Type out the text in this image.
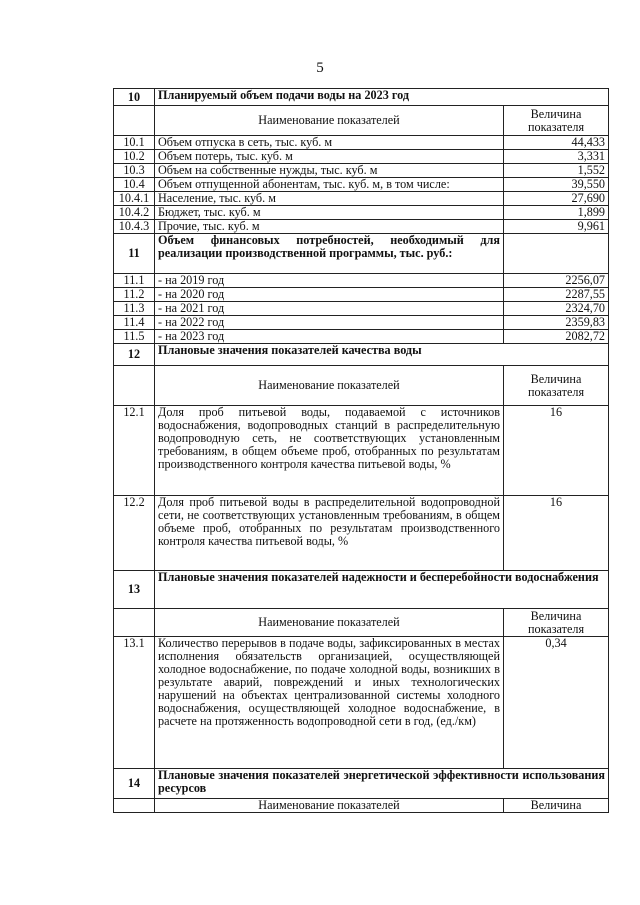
5
10	Планируемый объем подачи воды на 2023 год	
	Наименование показателей	Величина
показателя
10.1	Объем отпуска в сеть, тыс. куб. м	44,433
10.2	Объем потерь, тыс. куб. м	3,331
10.3	Объем на собственные нужды, тыс. куб. м	1,552
10.4	Объем отпущенной абонентам, тыс. куб. м, в том числе:	39,550
10.4.1	Население, тыс. куб. м	27,690
10.4.2	Бюджет, тыс. куб. м	1,899
10.4.3	Прочие, тыс. куб. м	9,961
11	Объем финансовых потребностей, необходимый для реализации производственной программы, тыс. руб.:	
11.1	- на 2019 год	2256,07
11.2	- на 2020 год	2287,55
11.3	- на 2021 год	2324,70
11.4	- на 2022 год	2359,83
11.5	- на 2023 год	2082,72
12	Плановые значения показателей качества воды	
	Наименование показателей	Величина
показателя
12.1	Доля проб питьевой воды, подаваемой с источников водоснабжения, водопроводных станций в распределительную водопроводную сеть, не соответствующих установленным требованиям, в общем объеме проб, отобранных по результатам производственного контроля качества питьевой воды, %	16
12.2	Доля проб питьевой воды в распределительной водопроводной сети, не соответствующих установленным требованиям, в общем объеме проб, отобранных по результатам производственного контроля качества питьевой воды, %	16
13	Плановые значения показателей надежности и бесперебойности водоснабжения	
	Наименование показателей	Величина
показателя
13.1	Количество перерывов в подаче воды, зафиксированных в местах исполнения обязательств организацией, осуществляющей холодное водоснабжение, по подаче холодной воды, возникших в результате аварий, повреждений и иных технологических нарушений на объектах централизованной системы холодного водоснабжения, осуществляющей холодное водоснабжение, в расчете на протяженность водопроводной сети в год, (ед./км)	0,34
14	Плановые значения показателей энергетической эффективности использования ресурсов	
	Наименование показателей	Величина
